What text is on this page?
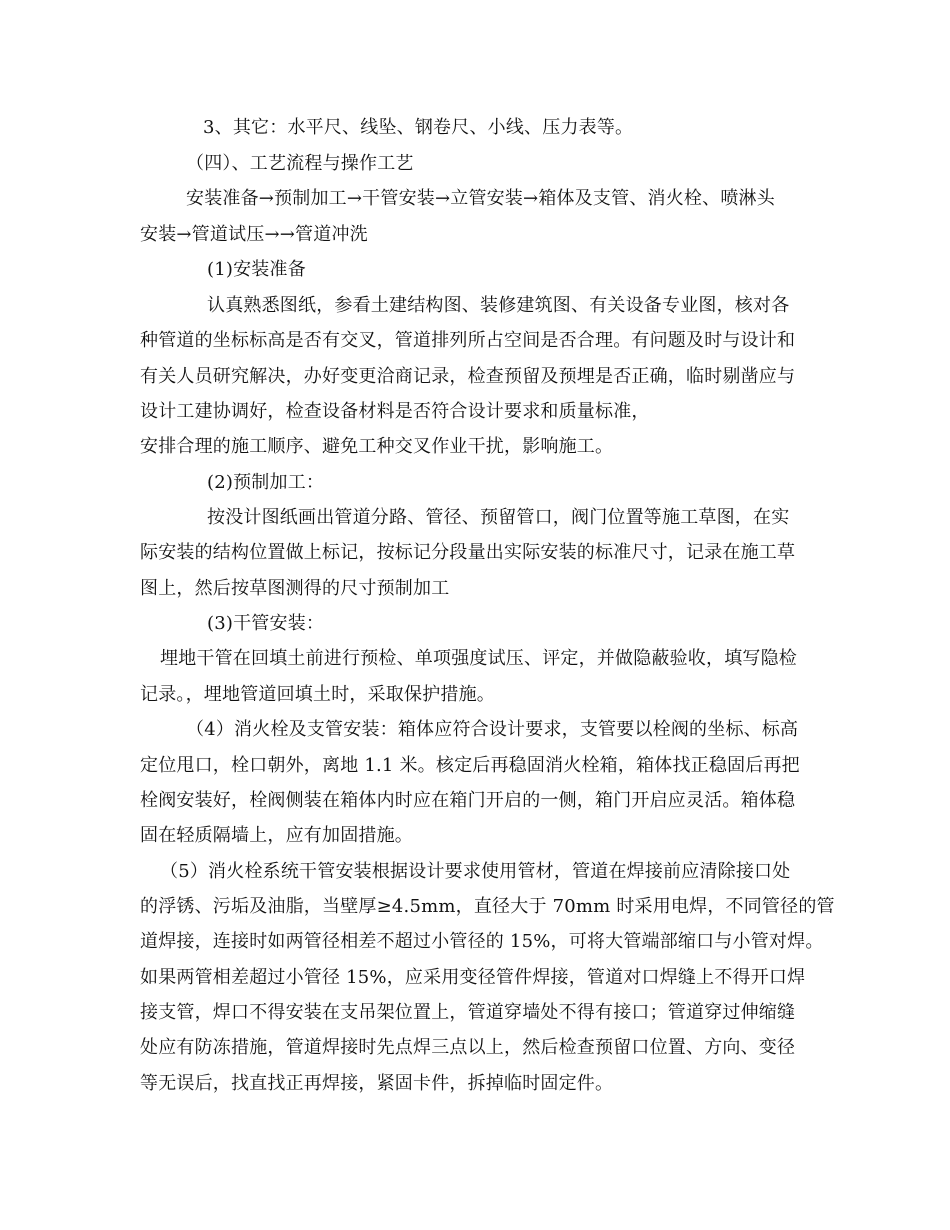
3、其它：水平尺、线坠、钢卷尺、小线、压力表等。
（四）、工艺流程与操作工艺
安装准备→预制加工→干管安装→立管安装→箱体及支管、消火栓、喷淋头
安装→管道试压→→管道冲洗
(1)安装准备
认真熟悉图纸，参看土建结构图、装修建筑图、有关设备专业图，核对各
种管道的坐标标高是否有交叉，管道排列所占空间是否合理。有问题及时与设计和
有关人员研究解决，办好变更洽商记录，检查预留及预埋是否正确，临时剔凿应与
设计工建协调好，检查设备材料是否符合设计要求和质量标准，
安排合理的施工顺序、避免工种交叉作业干扰，影响施工。
(2)预制加工：
按没计图纸画出管道分路、管径、预留管口，阀门位置等施工草图，在实
际安装的结构位置做上标记，按标记分段量出实际安装的标准尺寸，记录在施工草
图上，然后按草图测得的尺寸预制加工
(3)干管安装：
埋地干管在回填土前进行预检、单项强度试压、评定，并做隐蔽验收，填写隐检
记录。，埋地管道回填土时，采取保护措施。
（4）消火栓及支管安装：箱体应符合设计要求，支管要以栓阀的坐标、标高
定位甩口，栓口朝外，离地 1.1 米。核定后再稳固消火栓箱，箱体找正稳固后再把
栓阀安装好，栓阀侧装在箱体内时应在箱门开启的一侧，箱门开启应灵活。箱体稳
固在轻质隔墙上，应有加固措施。
（5）消火栓系统干管安装根据设计要求使用管材，管道在焊接前应清除接口处
的浮锈、污垢及油脂，当壁厚≥4.5mm，直径大于 70mm 时采用电焊，不同管径的管
道焊接，连接时如两管径相差不超过小管径的 15%，可将大管端部缩口与小管对焊。
如果两管相差超过小管径 15%，应采用变径管件焊接，管道对口焊缝上不得开口焊
接支管，焊口不得安装在支吊架位置上，管道穿墙处不得有接口；管道穿过伸缩缝
处应有防冻措施，管道焊接时先点焊三点以上，然后检查预留口位置、方向、变径
等无误后，找直找正再焊接，紧固卡件，拆掉临时固定件。
